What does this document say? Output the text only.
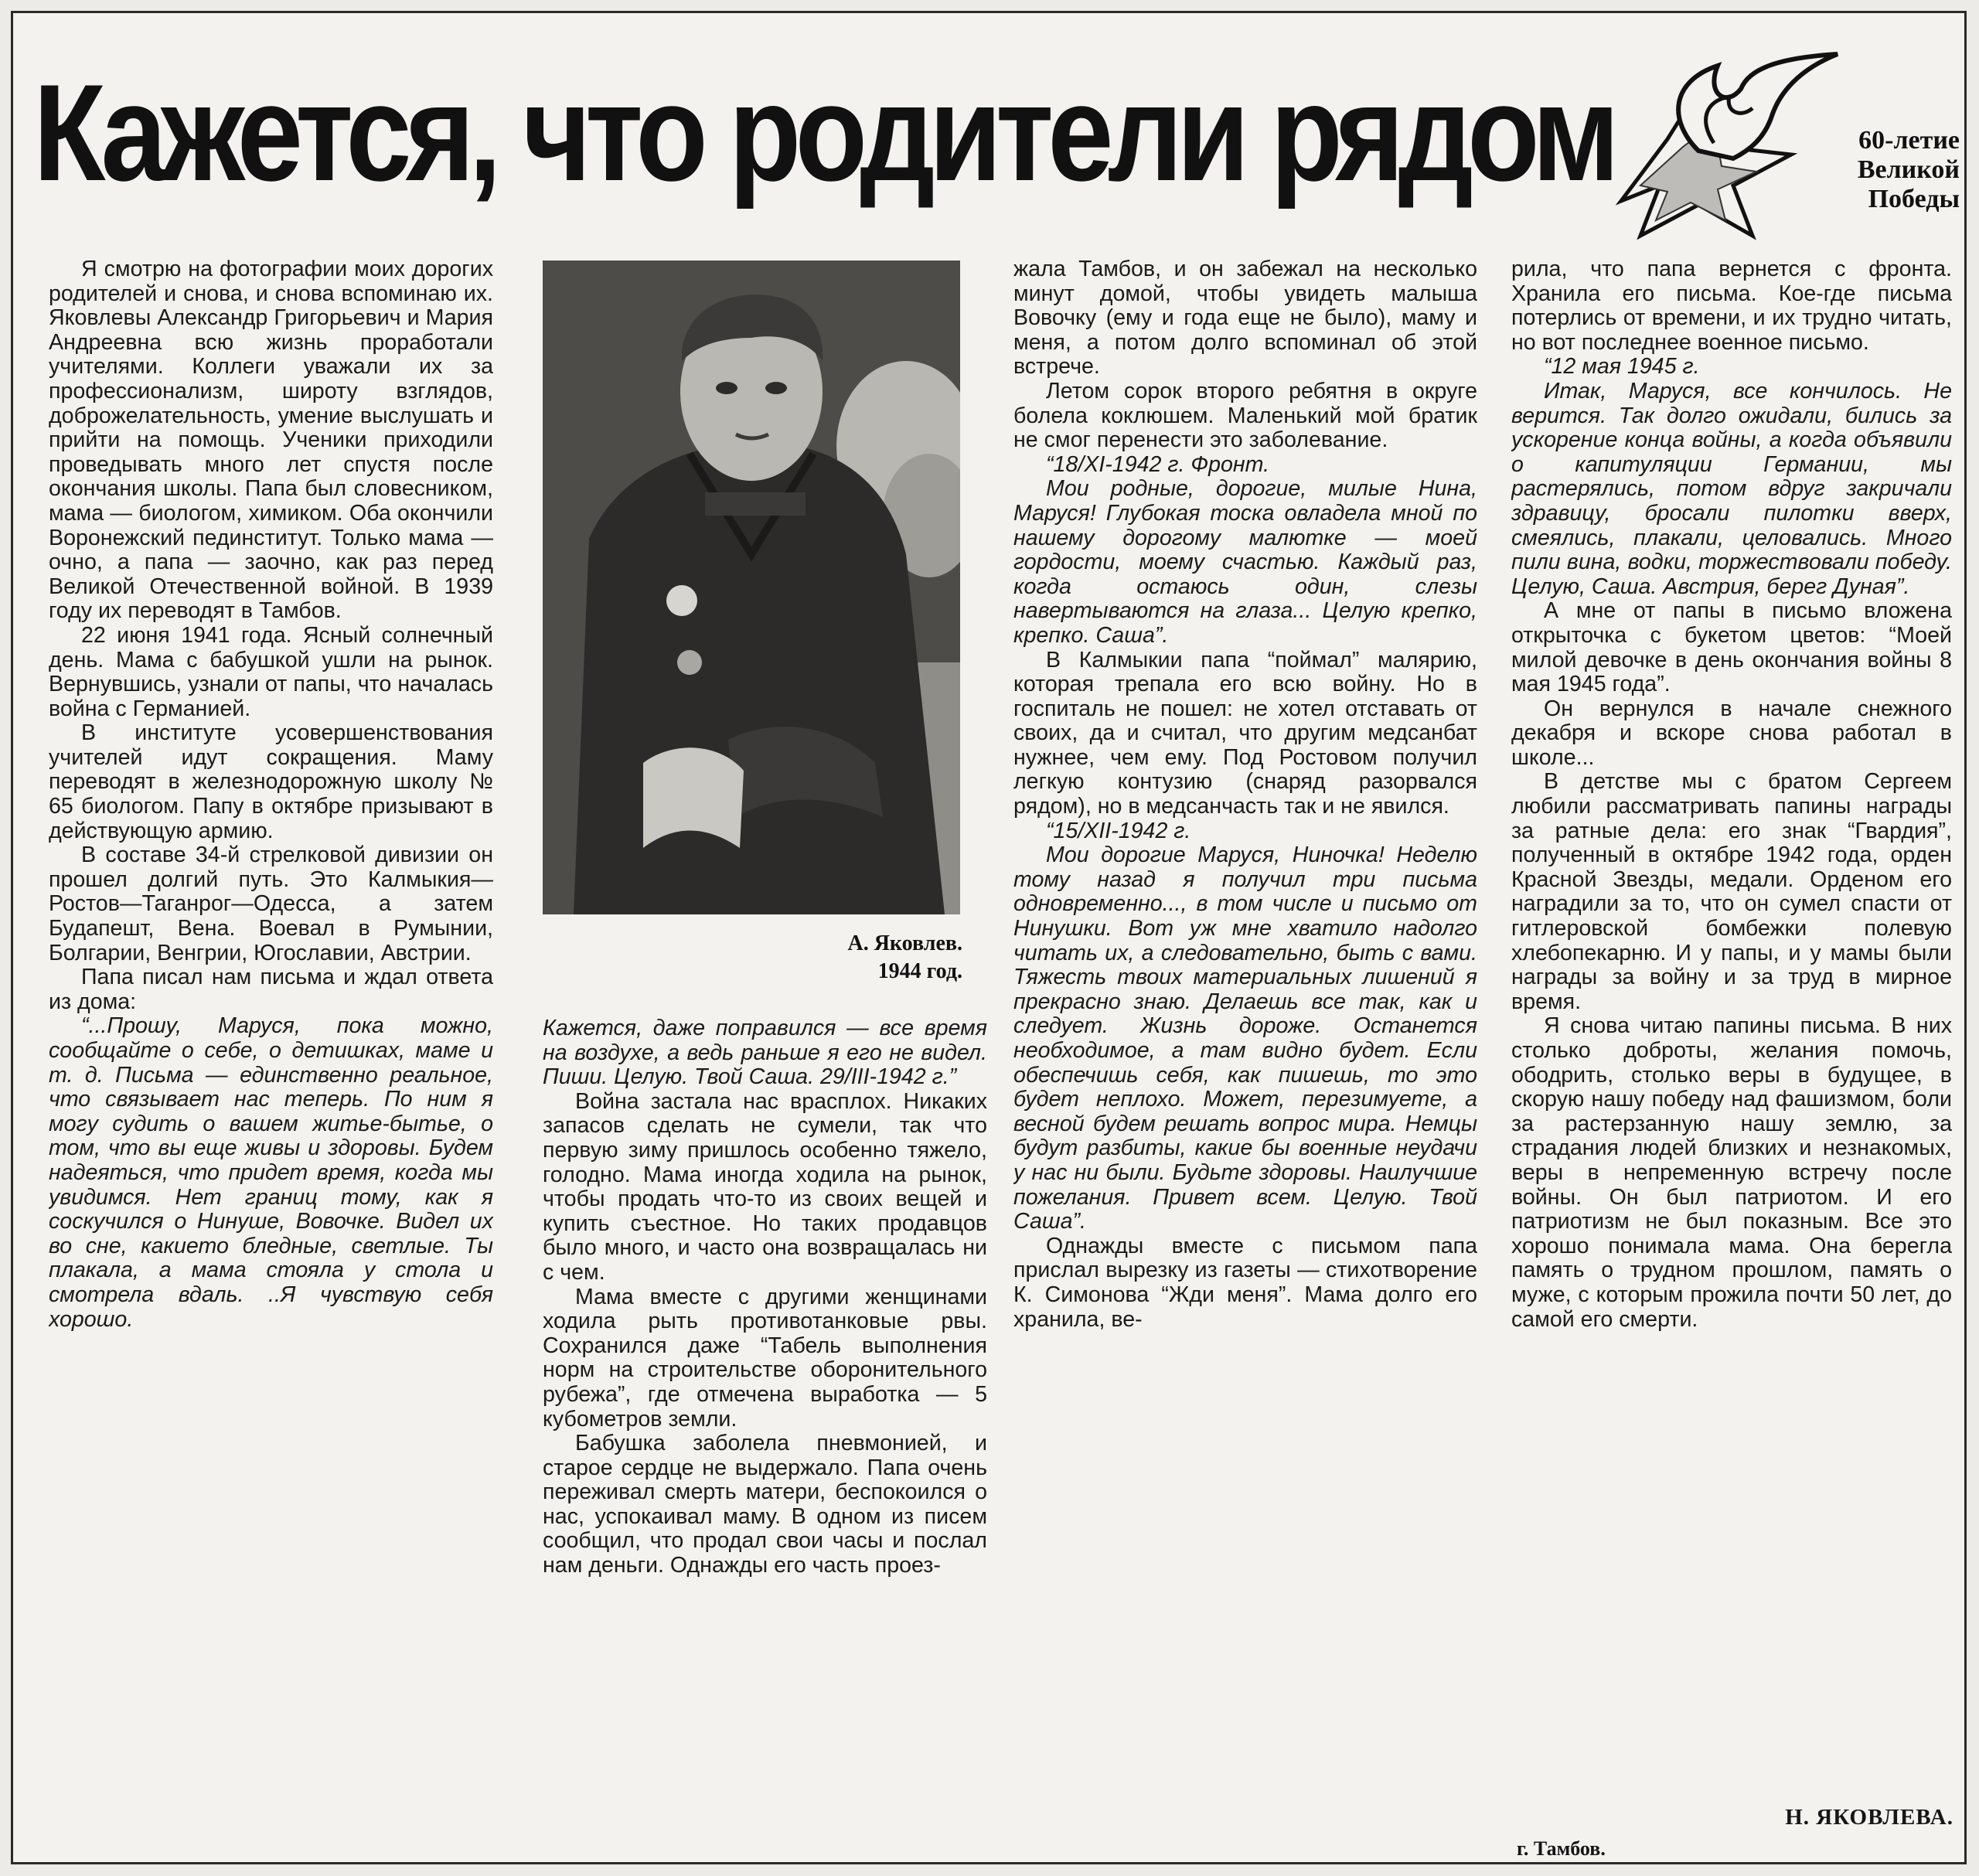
Кажется, что родители рядом	60-летие
Великой
Победы

Я смотрю на фотографии моих дорогих родителей и снова, и снова вспоминаю их. Яковлевы Александр Григорьевич и Мария Андреевна всю жизнь проработали учителями. Коллеги уважали их за профессионализм, широту взглядов, доброжелательность, умение выслушать и прийти на помощь. Ученики приходили проведывать много лет спустя после окончания школы. Папа был словесником, мама — биологом, химиком. Оба окончили Воронежский пединститут. Только мама — очно, а папа — заочно, как раз перед Великой Отечественной войной. В 1939 году их переводят в Тамбов.

22 июня 1941 года. Ясный солнечный день. Мама с бабушкой ушли на рынок. Вернувшись, узнали от папы, что началась война с Германией.

В институте усовершенствования учителей идут сокращения. Маму переводят в железнодорожную школу № 65 биологом. Папу в октябре призывают в действующую армию.

В составе 34-й стрелковой дивизии он прошел долгий путь. Это Калмыкия—Ростов—Таганрог—Одесса, а затем Будапешт, Вена. Воевал в Румынии, Болгарии, Венгрии, Югославии, Австрии.

Папа писал нам письма и ждал ответа из дома:

“...Прошу, Маруся, пока можно, сообщайте о себе, о детишках, маме и т. д. Письма — единственно реальное, что связывает нас теперь. По ним я могу судить о вашем житье-бытье, о том, что вы еще живы и здоровы. Будем надеяться, что придет время, когда мы увидимся. Нет границ тому, как я соскучился о Нинуше, Вовочке. Видел их во сне, какието бледные, светлые. Ты плакала, а мама стояла у стола и смотрела вдаль. ..Я чувствую себя хорошо.

А. Яковлев.
1944 год.

Кажется, даже поправился — все время на воздухе, а ведь раньше я его не видел. Пиши. Целую. Твой Саша. 29/III-1942 г.”

Война застала нас врасплох. Никаких запасов сделать не сумели, так что первую зиму пришлось особенно тяжело, голодно. Мама иногда ходила на рынок, чтобы продать что-то из своих вещей и купить съестное. Но таких продавцов было много, и часто она возвращалась ни с чем.

Мама вместе с другими женщинами ходила рыть противотанковые рвы. Сохранился даже “Табель выполнения норм на строительстве оборонительного рубежа”, где отмечена выработка — 5 кубометров земли.

Бабушка заболела пневмонией, и старое сердце не выдержало. Папа очень переживал смерть матери, беспокоился о нас, успокаивал маму. В одном из писем сообщил, что продал свои часы и послал нам деньги. Однажды его часть проез-

жала Тамбов, и он забежал на несколько минут домой, чтобы увидеть малыша Вовочку (ему и года еще не было), маму и меня, а потом долго вспоминал об этой встрече.

Летом сорок второго ребятня в округе болела коклюшем. Маленький мой братик не смог перенести это заболевание.

“18/XI-1942 г. Фронт.

Мои родные, дорогие, милые Нина, Маруся! Глубокая тоска овладела мной по нашему дорогому малютке — моей гордости, моему счастью. Каждый раз, когда остаюсь один, слезы навертываются на глаза... Целую крепко, крепко. Саша”.

В Калмыкии папа “поймал” малярию, которая трепала его всю войну. Но в госпиталь не пошел: не хотел отставать от своих, да и считал, что другим медсанбат нужнее, чем ему. Под Ростовом получил легкую контузию (снаряд разорвался рядом), но в медсанчасть так и не явился.

“15/XII-1942 г.

Мои дорогие Маруся, Ниночка! Неделю тому назад я получил три письма одновременно..., в том числе и письмо от Нинушки. Вот уж мне хватило надолго читать их, а следовательно, быть с вами. Тяжесть твоих материальных лишений я прекрасно знаю. Делаешь все так, как и следует. Жизнь дороже. Останется необходимое, а там видно будет. Если обеспечишь себя, как пишешь, то это будет неплохо. Может, перезимуете, а весной будем решать вопрос мира. Немцы будут разбиты, какие бы военные неудачи у нас ни были. Будьте здоровы. Наилучшие пожелания. Привет всем. Целую. Твой Саша”.

Однажды вместе с письмом папа прислал вырезку из газеты — стихотворение К. Симонова “Жди меня”. Мама долго его хранила, ве-

рила, что папа вернется с фронта. Хранила его письма. Кое-где письма потерлись от времени, и их трудно читать, но вот последнее военное письмо.

“12 мая 1945 г.

Итак, Маруся, все кончилось. Не верится. Так долго ожидали, бились за ускорение конца войны, а когда объявили о капитуляции Германии, мы растерялись, потом вдруг закричали здравицу, бросали пилотки вверх, смеялись, плакали, целовались. Много пили вина, водки, торжествовали победу. Целую, Саша. Австрия, берег Дуная”.

А мне от папы в письмо вложена открыточка с букетом цветов: “Моей милой девочке в день окончания войны 8 мая 1945 года”.

Он вернулся в начале снежного декабря и вскоре снова работал в школе...

В детстве мы с братом Сергеем любили рассматривать папины награды за ратные дела: его знак “Гвардия”, полученный в октябре 1942 года, орден Красной Звезды, медали. Орденом его наградили за то, что он сумел спасти от гитлеровской бомбежки полевую хлебопекарню. И у папы, и у мамы были награды за войну и за труд в мирное время.

Я снова читаю папины письма. В них столько доброты, желания помочь, ободрить, столько веры в будущее, в скорую нашу победу над фашизмом, боли за растерзанную нашу землю, за страдания людей близких и незнакомых, веры в непременную встречу после войны. Он был патриотом. И его патриотизм не был показным. Все это хорошо понимала мама. Она берегла память о трудном прошлом, память о муже, с которым прожила почти 50 лет, до самой его смерти.

Н. ЯКОВЛЕВА.
г. Тамбов.
